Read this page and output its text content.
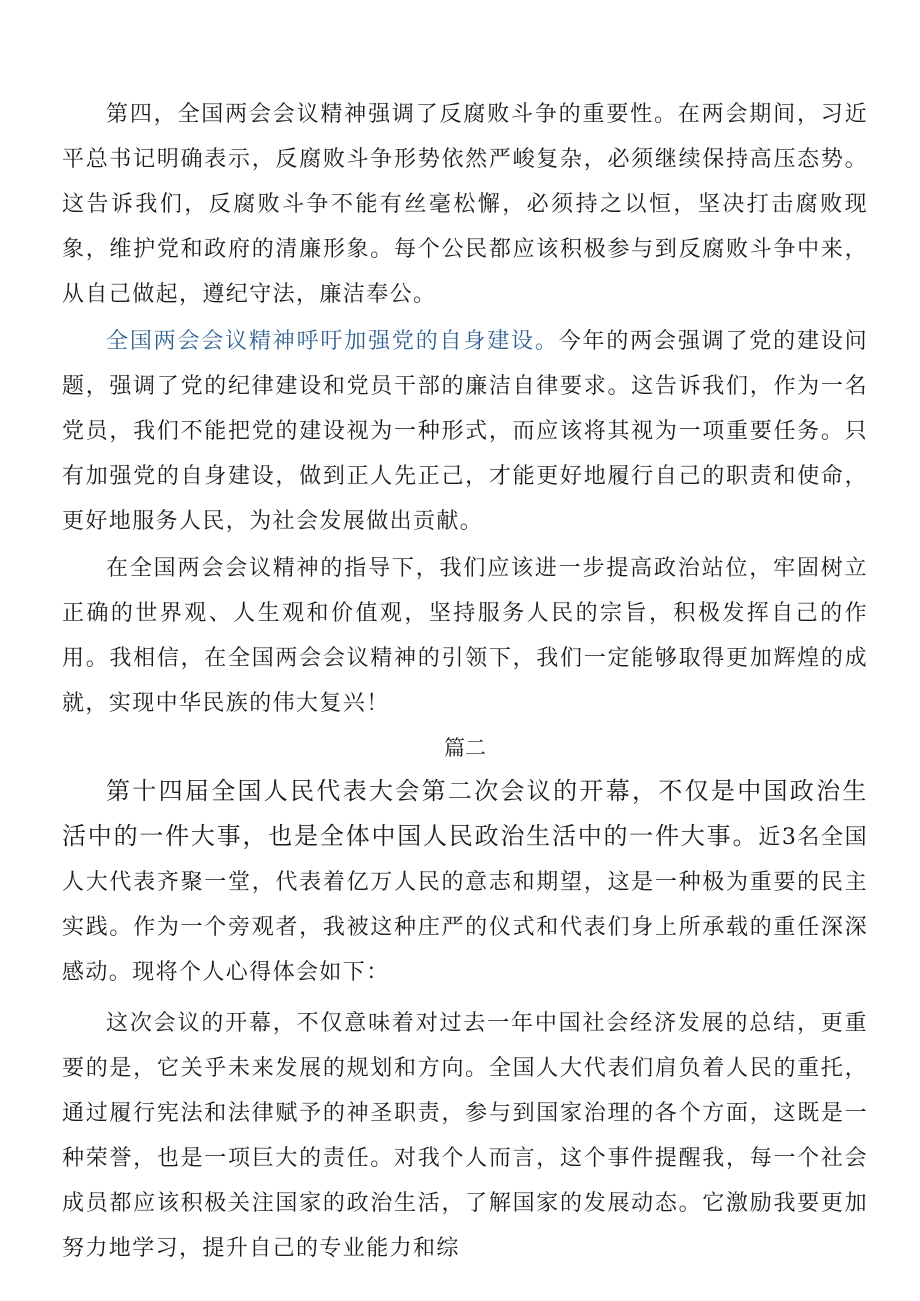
第四，全国两会会议精神强调了反腐败斗争的重要性。在两会期间，习近平总书记明确表示，反腐败斗争形势依然严峻复杂，必须继续保持高压态势。这告诉我们，反腐败斗争不能有丝毫松懈，必须持之以恒，坚决打击腐败现象，维护党和政府的清廉形象。每个公民都应该积极参与到反腐败斗争中来，从自己做起，遵纪守法，廉洁奉公。

全国两会会议精神呼吁加强党的自身建设。今年的两会强调了党的建设问题，强调了党的纪律建设和党员干部的廉洁自律要求。这告诉我们，作为一名党员，我们不能把党的建设视为一种形式，而应该将其视为一项重要任务。只有加强党的自身建设，做到正人先正己，才能更好地履行自己的职责和使命，更好地服务人民，为社会发展做出贡献。

在全国两会会议精神的指导下，我们应该进一步提高政治站位，牢固树立正确的世界观、人生观和价值观，坚持服务人民的宗旨，积极发挥自己的作用。我相信，在全国两会会议精神的引领下，我们一定能够取得更加辉煌的成就，实现中华民族的伟大复兴！

篇二

第十四届全国人民代表大会第二次会议的开幕，不仅是中国政治生活中的一件大事，也是全体中国人民政治生活中的一件大事。近3名全国人大代表齐聚一堂，代表着亿万人民的意志和期望，这是一种极为重要的民主实践。作为一个旁观者，我被这种庄严的仪式和代表们身上所承载的重任深深感动。现将个人心得体会如下：

这次会议的开幕，不仅意味着对过去一年中国社会经济发展的总结，更重要的是，它关乎未来发展的规划和方向。全国人大代表们肩负着人民的重托，通过履行宪法和法律赋予的神圣职责，参与到国家治理的各个方面，这既是一种荣誉，也是一项巨大的责任。对我个人而言，这个事件提醒我，每一个社会成员都应该积极关注国家的政治生活，了解国家的发展动态。它激励我要更加努力地学习，提升自己的专业能力和综
